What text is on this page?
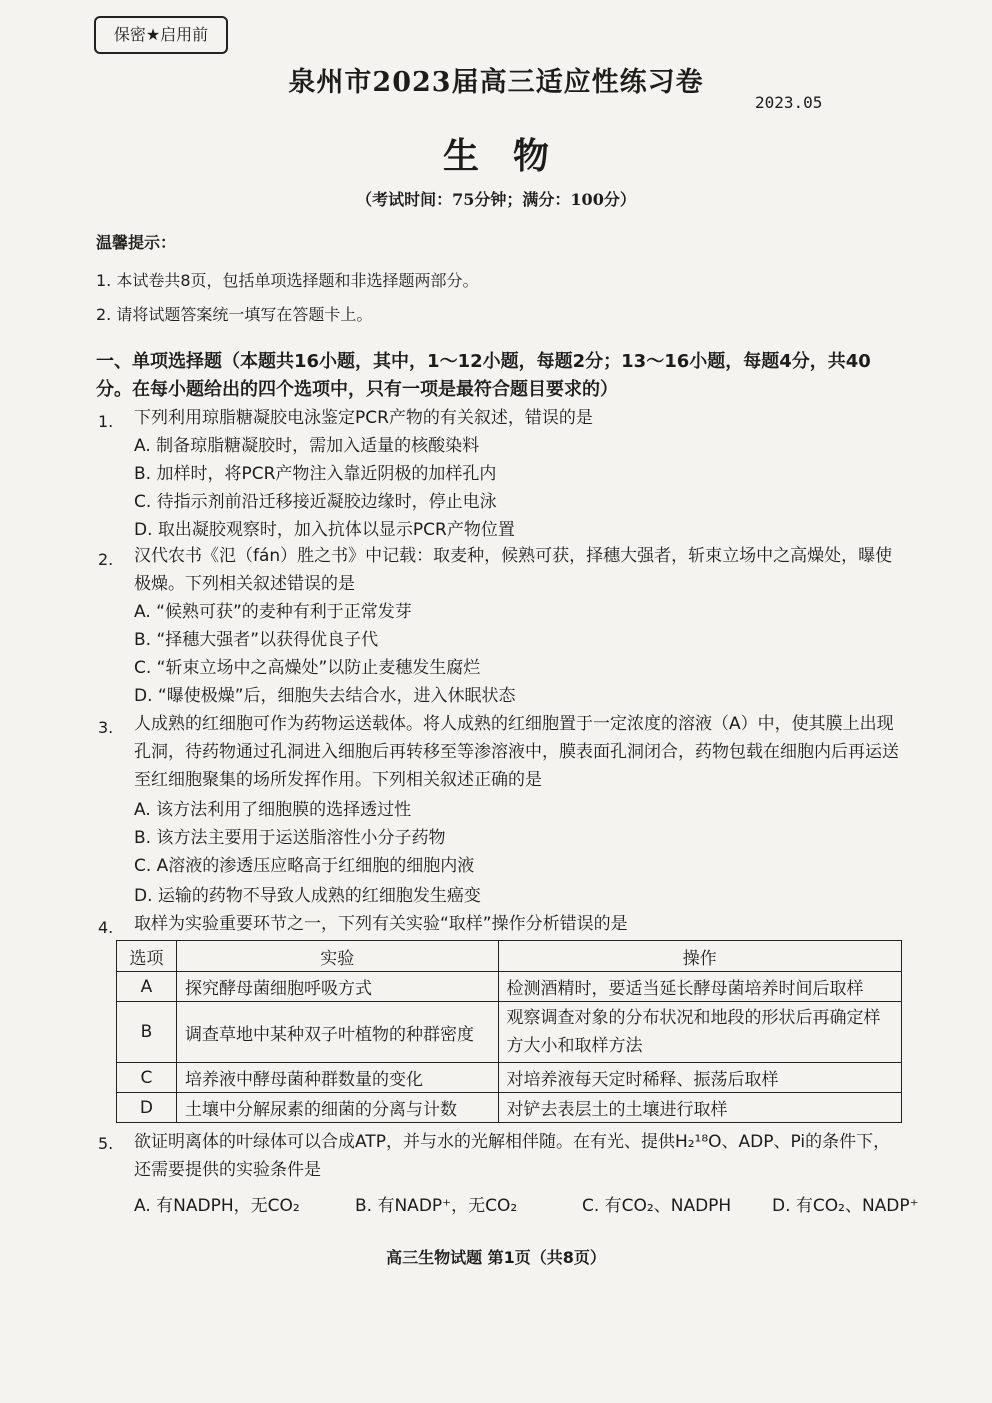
保密★启用前
泉州市2023届高三适应性练习卷
2023.05
生物
（考试时间：75分钟；满分：100分）
温馨提示：
1. 本试卷共8页，包括单项选择题和非选择题两部分。
2. 请将试题答案统一填写在答题卡上。
一、单项选择题（本题共16小题，其中，1～12小题，每题2分；13～16小题，每题4分，共40分。在每小题给出的四个选项中，只有一项是最符合题目要求的）
1. 下列利用琼脂糖凝胶电泳鉴定PCR产物的有关叙述，错误的是
A. 制备琼脂糖凝胶时，需加入适量的核酸染料
B. 加样时，将PCR产物注入靠近阴极的加样孔内
C. 待指示剂前沿迁移接近凝胶边缘时，停止电泳
D. 取出凝胶观察时，加入抗体以显示PCR产物位置
2. 汉代农书《氾（fán）胜之书》中记载：取麦种，候熟可获，择穗大强者，斩束立场中之高燥处，曝使极燥。下列相关叙述错误的是
A. “候熟可获”的麦种有利于正常发芽
B. “择穗大强者”以获得优良子代
C. “斩束立场中之高燥处”以防止麦穗发生腐烂
D. “曝使极燥”后，细胞失去结合水，进入休眠状态
3. 人成熟的红细胞可作为药物运送载体。将人成熟的红细胞置于一定浓度的溶液（A）中，使其膜上出现孔洞，待药物通过孔洞进入细胞后再转移至等渗溶液中，膜表面孔洞闭合，药物包载在细胞内后再运送至红细胞聚集的场所发挥作用。下列相关叙述正确的是
A. 该方法利用了细胞膜的选择透过性
B. 该方法主要用于运送脂溶性小分子药物
C. A溶液的渗透压应略高于红细胞的细胞内液
D. 运输的药物不导致人成熟的红细胞发生癌变
4. 取样为实验重要环节之一，下列有关实验“取样”操作分析错误的是
选项	实验	操作
A	探究酵母菌细胞呼吸方式	检测酒精时，要适当延长酵母菌培养时间后取样
B	调查草地中某种双子叶植物的种群密度	观察调查对象的分布状况和地段的形状后再确定样方大小和取样方法
C	培养液中酵母菌种群数量的变化	对培养液每天定时稀释、振荡后取样
D	土壤中分解尿素的细菌的分离与计数	对铲去表层土的土壤进行取样
5. 欲证明离体的叶绿体可以合成ATP，并与水的光解相伴随。在有光、提供H₂¹⁸O、ADP、Pi的条件下，还需要提供的实验条件是
A. 有NADPH，无CO₂	B. 有NADP⁺，无CO₂	C. 有CO₂、NADPH D. 有CO₂、NADP⁺
高三生物试题 第1页（共8页）
